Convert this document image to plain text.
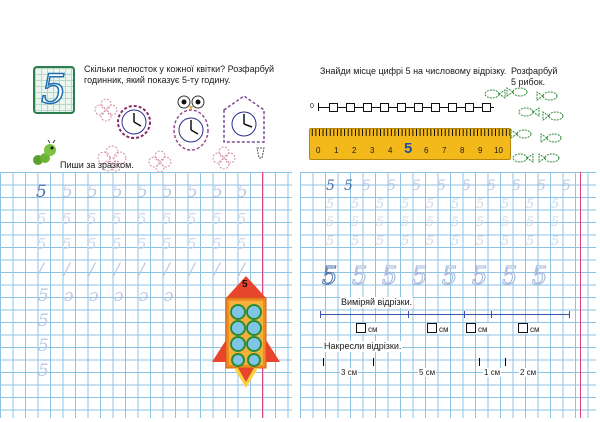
5 Скільки пелюсток у кожної квітки? Розфарбуй годинник, який показує 5-ту годину.
Знайди місце цифрі 5 на числовому відрізку.
0
0 1 2 3 4 5 6 7 8 9 10
Розфарбуй 5 рибок.
Пиши за зразком.
5 5 5 5 5 5 5 5 5
5 5 5 5 5 5 5 5 5
5 5 5 5 5 5 5 5 5
/ / / / / / / / /
5 ɔ ɔ ɔ ɔ ɔ
5
5
5
5
5 5 5 5 5 5 5 5 5 5 5
5 5 5 5 5 5 5 5 5 5
5 5 5 5 5 5 5 5 5 5
5 5 5 5 5 5 5 5 5 5
5 5 5 5 5 5 5 5
Виміряй відрізки.
см	см	см	см
Накресли відрізки.
3 см	5 см	1 см 2 см
